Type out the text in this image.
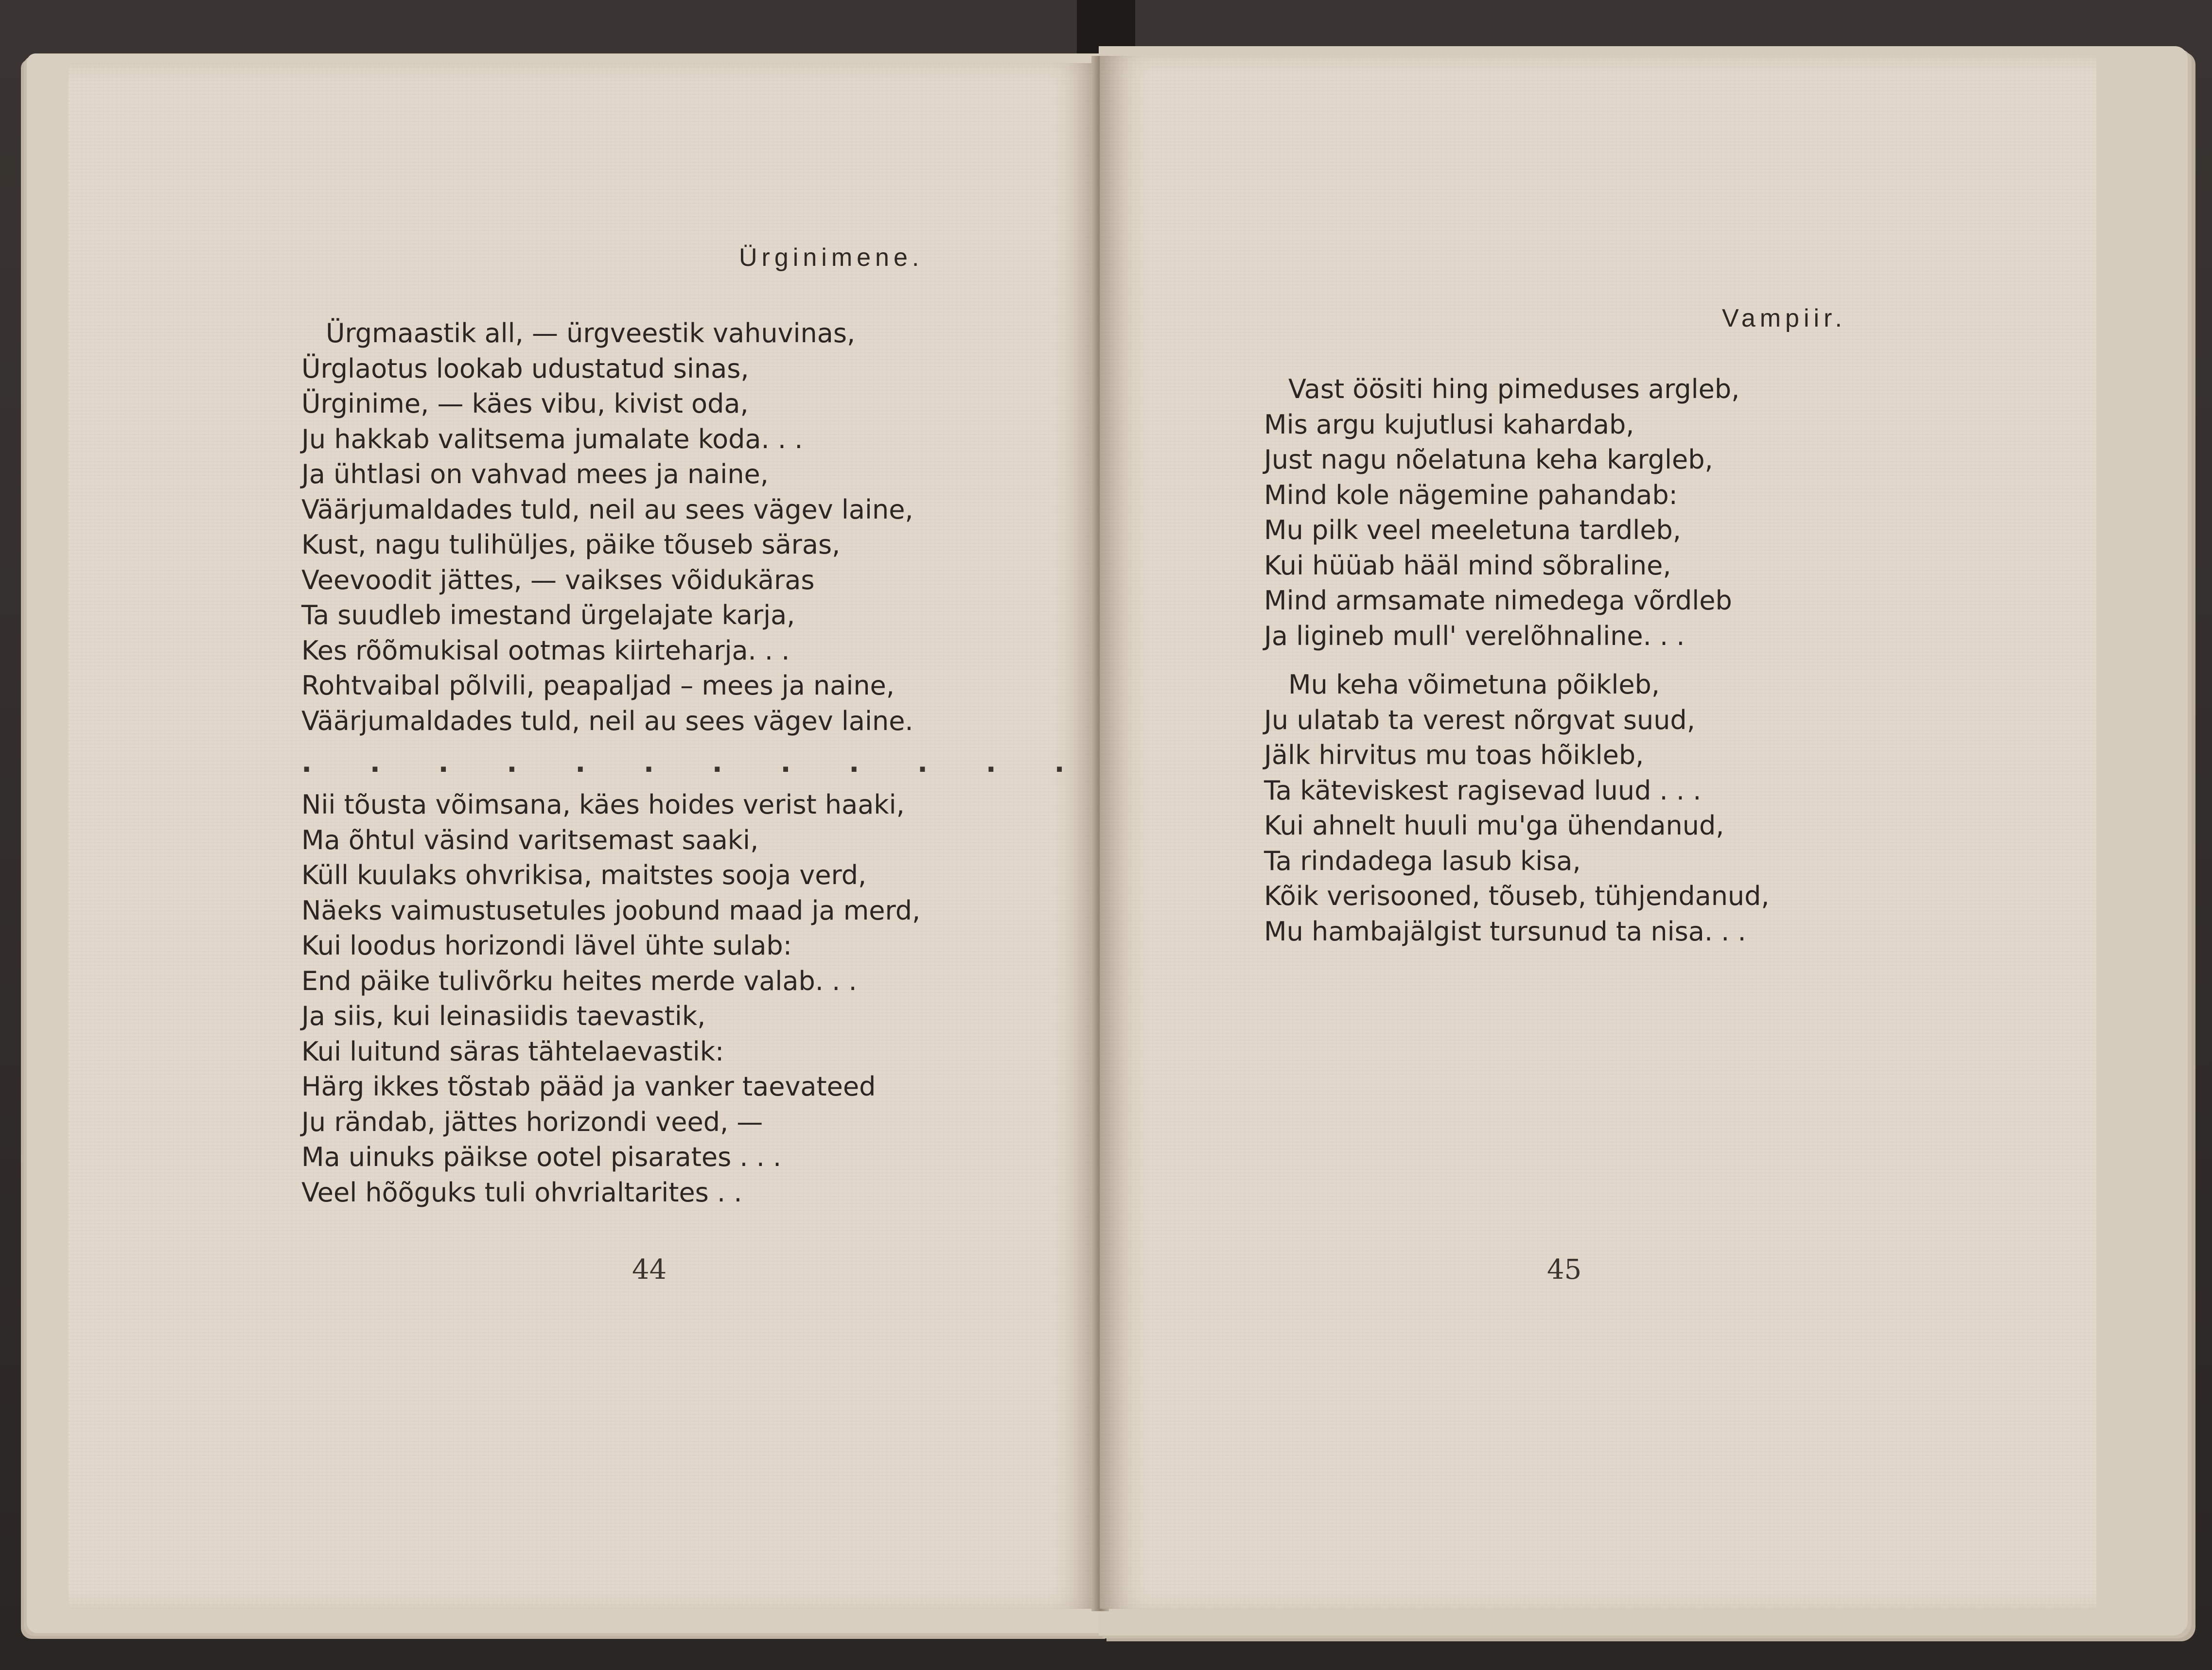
Ürginimene.
Ürgmaastik all, — ürgveestik vahuvinas,
Ürglaotus lookab udustatud sinas,
Ürginime, — käes vibu, kivist oda,
Ju hakkab valitsema jumalate koda. . .
Ja ühtlasi on vahvad mees ja naine,
Väärjumaldades tuld, neil au sees vägev laine,
Kust, nagu tulihüljes, päike tõuseb säras,
Veevoodit jättes, — vaikses võidukäras
Ta suudleb imestand ürgelajate karja,
Kes rõõmukisal ootmas kiirteharja. . .
Rohtvaibal põlvili, peapaljad – mees ja naine,
Väärjumaldades tuld, neil au sees vägev laine.
. . . . . . . . . . . .
Nii tõusta võimsana, käes hoides verist haaki,
Ma õhtul väsind varitsemast saaki,
Küll kuulaks ohvrikisa, maitstes sooja verd,
Näeks vaimustusetules joobund maad ja merd,
Kui loodus horizondi lävel ühte sulab:
End päike tulivõrku heites merde valab. . .
Ja siis, kui leinasiidis taevastik,
Kui luitund säras tähtelaevastik:
Härg ikkes tõstab pääd ja vanker taevateed
Ju rändab, jättes horizondi veed, —
Ma uinuks päikse ootel pisarates . . .
Veel hõõguks tuli ohvrialtarites . .
44
Vampiir.
Vast öösiti hing pimeduses argleb,
Mis argu kujutlusi kahardab,
Just nagu nõelatuna keha kargleb,
Mind kole nägemine pahandab:
Mu pilk veel meeletuna tardleb,
Kui hüüab hääl mind sõbraline,
Mind armsamate nimedega võrdleb
Ja ligineb mull' verelõhnaline. . .
Mu keha võimetuna põikleb,
Ju ulatab ta verest nõrgvat suud,
Jälk hirvitus mu toas hõikleb,
Ta käteviskest ragisevad luud . . .
Kui ahnelt huuli mu'ga ühendanud,
Ta rindadega lasub kisa,
Kõik verisooned, tõuseb, tühjendanud,
Mu hambajälgist tursunud ta nisa. . .
45
